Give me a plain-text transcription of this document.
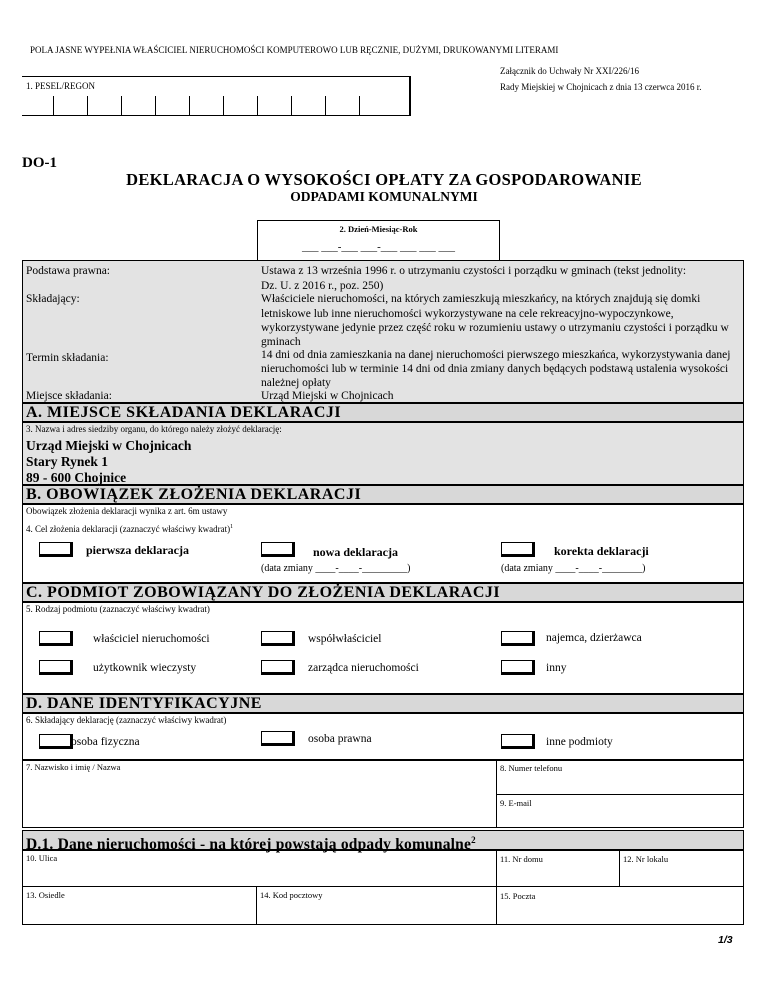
POLA JASNE WYPEŁNIA WŁAŚCICIEL NIERUCHOMOŚCI KOMPUTEROWO LUB RĘCZNIE, DUŻYMI, DRUKOWANYMI LITERAMI
Załącznik do Uchwały Nr XXI/226/16
Rady Miejskiej w Chojnicach z dnia 13 czerwca 2016 r.
1. PESEL/REGON
DO-1
DEKLARACJA O WYSOKOŚCI OPŁATY ZA GOSPODAROWANIE
ODPADAMI KOMUNALNYMI
2. Dzień-Miesiąc-Rok
___ ___-___ ___-___ ___ ___ ___
Podstawa prawna:	Ustawa z 13 września 1996 r. o utrzymaniu czystości i porządku w gminach (tekst jednolity:
Dz. U. z 2016 r., poz. 250)
Składający:	Właściciele nieruchomości, na których zamieszkują mieszkańcy, na których znajdują się domki
letniskowe lub inne nieruchomości wykorzystywane na cele rekreacyjno-wypoczynkowe,
wykorzystywane jedynie przez część roku w rozumieniu ustawy o utrzymaniu czystości i porządku w
gminach
Termin składania:	14 dni od dnia zamieszkania na danej nieruchomości pierwszego mieszkańca, wykorzystywania danej
nieruchomości lub w terminie 14 dni od dnia zmiany danych będących podstawą ustalenia wysokości
należnej opłaty
Miejsce składania:	Urząd Miejski w Chojnicach
A. MIEJSCE SKŁADANIA DEKLARACJI
3. Nazwa i adres siedziby organu, do którego należy złożyć deklarację:
Urząd Miejski w Chojnicach
Stary Rynek 1
89 - 600 Chojnice
B. OBOWIĄZEK ZŁOŻENIA DEKLARACJI
Obowiązek złożenia deklaracji wynika z art. 6m ustawy
4. Cel złożenia deklaracji (zaznaczyć właściwy kwadrat)$^1$
pierwsza deklaracja	nowa deklaracja
(data zmiany ____-____-_________)
korekta deklaracji
(data zmiany ____-____-________)
C. PODMIOT ZOBOWIĄZANY DO ZŁOŻENIA DEKLARACJI
5. Rodzaj podmiotu (zaznaczyć właściwy kwadrat)
właściciel nieruchomości	współwłaściciel	najemca, dzierżawca
użytkownik wieczysty	zarządca nieruchomości	inny
D. DANE IDENTYFIKACYJNE
6. Składający deklarację (zaznaczyć właściwy kwadrat)
osoba fizyczna	osoba prawna	inne podmioty
7. Nazwisko i imię / Nazwa	8. Numer telefonu
9. E-mail
D.1. Dane nieruchomości - na której powstają odpady komunalne$^2$
10. Ulica	11. Nr domu	12. Nr lokalu
13. Osiedle	14. Kod pocztowy	15. Poczta
1/3
